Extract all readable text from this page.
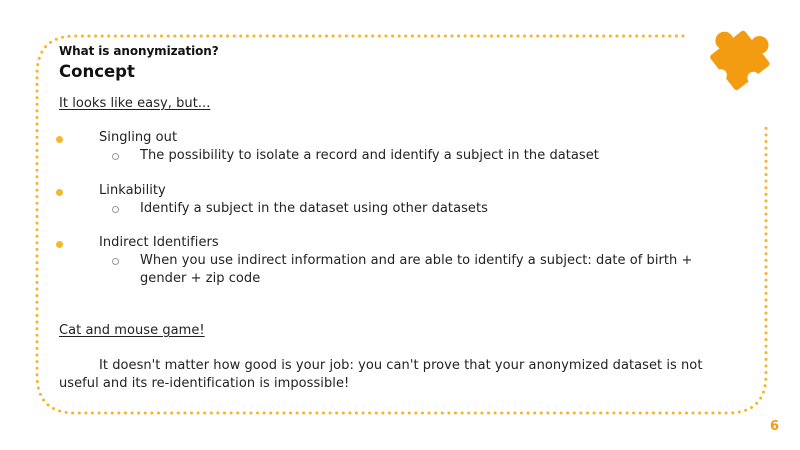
What is anonymization?
Concept
It looks like easy, but...
Singling out
The possibility to isolate a record and identify a subject in the dataset
Linkability
Identify a subject in the dataset using other datasets
Indirect Identifiers
When you use indirect information and are able to identify a subject: date of birth +
gender + zip code
Cat and mouse game!
It doesn't matter how good is your job: you can't prove that your anonymized dataset is not
useful and its re-identification is impossible!
6
